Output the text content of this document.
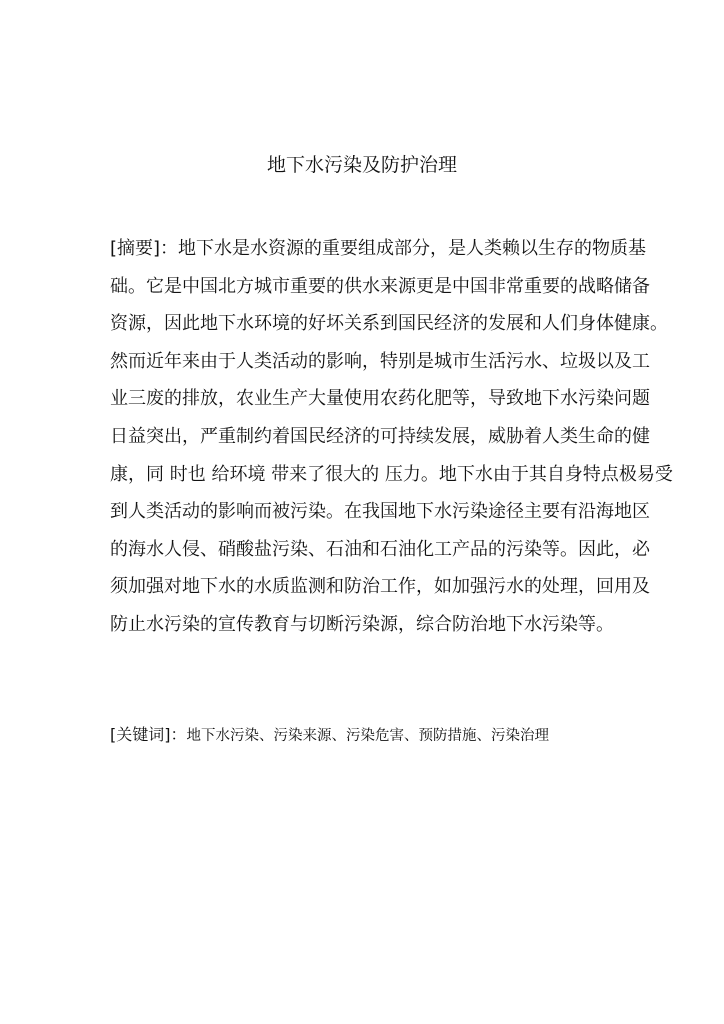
地下水污染及防护治理
[摘要]：地下水是水资源的重要组成部分，是人类赖以生存的物质基
础。它是中国北方城市重要的供水来源更是中国非常重要的战略储备
资源，因此地下水环境的好坏关系到国民经济的发展和人们身体健康。
然而近年来由于人类活动的影响，特别是城市生活污水、垃圾以及工
业三废的排放，农业生产大量使用农药化肥等，导致地下水污染问题
日益突出，严重制约着国民经济的可持续发展，威胁着人类生命的健
康，同 时也 给环境 带来了很大的 压力。地下水由于其自身特点极易受
到人类活动的影响而被污染。在我国地下水污染途径主要有沿海地区
的海水人侵、硝酸盐污染、石油和石油化工产品的污染等。因此，必
须加强对地下水的水质监测和防治工作，如加强污水的处理，回用及
防止水污染的宣传教育与切断污染源，综合防治地下水污染等。
[关键词]：地下水污染、污染来源、污染危害、预防措施、污染治理
